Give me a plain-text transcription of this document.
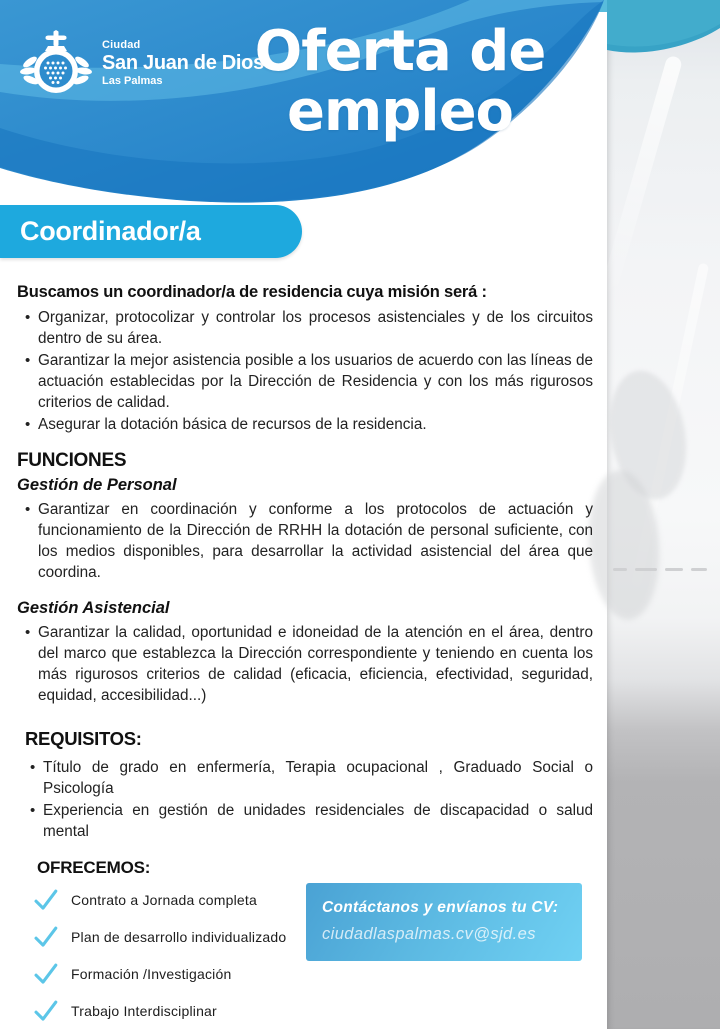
Ciudad
San Juan de Dios
Las Palmas	Oferta de
empleo
Coordinador/a

Buscamos un coordinador/a de residencia cuya misión será :

• Organizar, protocolizar y controlar los procesos asistenciales y de los circuitos dentro de su área.

• Garantizar la mejor asistencia posible a los usuarios de acuerdo con las líneas de actuación establecidas por la Dirección de Residencia y con los más rigurosos criterios de calidad.

• Asegurar la dotación básica de recursos de la residencia.

FUNCIONES
Gestión de Personal

• Garantizar en coordinación y conforme a los protocolos de actuación y funcionamiento de la Dirección de RRHH la dotación de personal suficiente, con los medios disponibles, para desarrollar la actividad asistencial del área que coordina.

Gestión Asistencial

• Garantizar la calidad, oportunidad e idoneidad de la atención en el área, dentro del marco que establezca la Dirección correspondiente y teniendo en cuenta los más rigurosos criterios de calidad (eficacia, eficiencia, efectividad, seguridad, equidad, accesibilidad...)

REQUISITOS:

• Título de grado en enfermería, Terapia ocupacional , Graduado Social o Psicología

• Experiencia en gestión de unidades residenciales de discapacidad o salud mental

OFRECEMOS:
Contrato a Jornada completa
Plan de desarrollo individualizado
Formación /Investigación
Trabajo Interdisciplinar
Contáctanos y envíanos tu CV:
ciudadlaspalmas.cv@sjd.es
